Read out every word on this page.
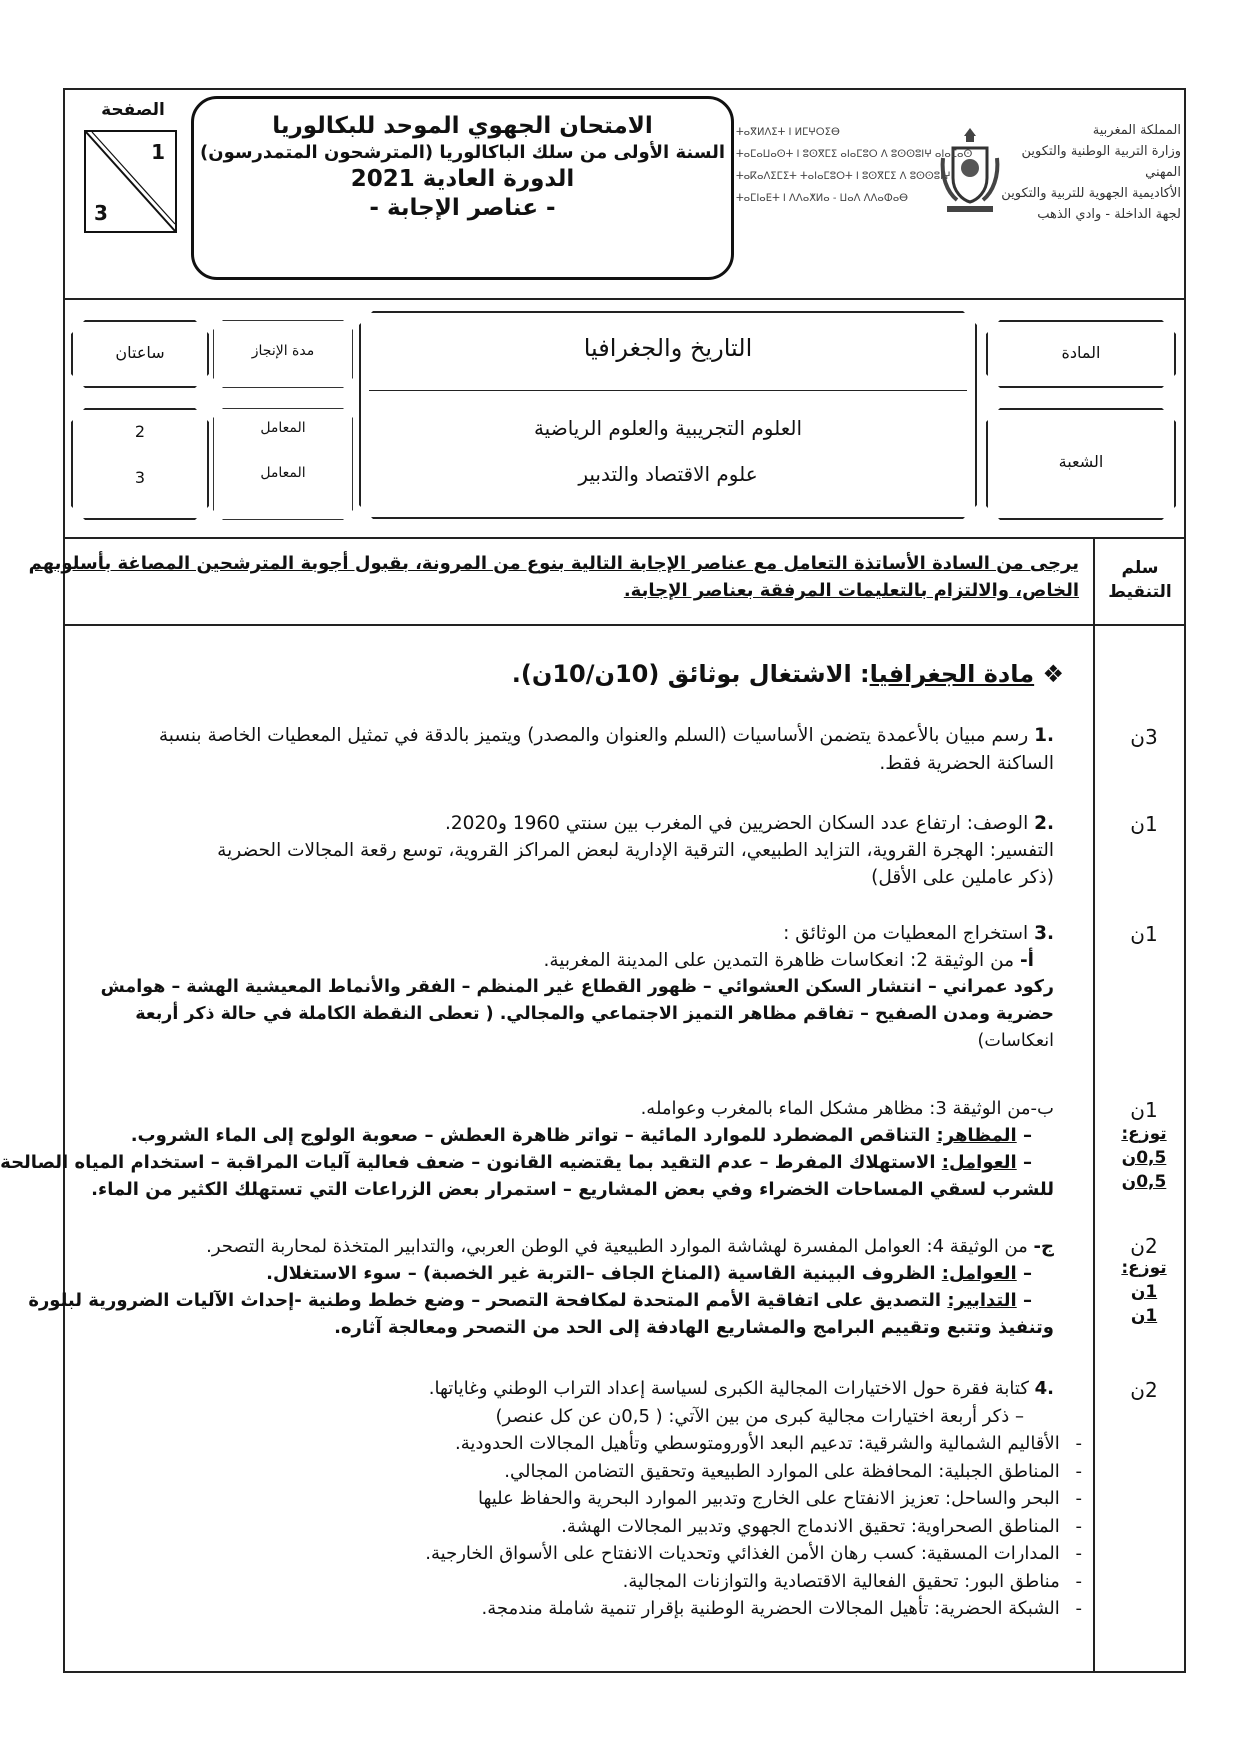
الامتحان الجهوي الموحد للبكالوريا
السنة الأولى من سلك الباكالوريا (المترشحون المتمدرسون)
الدورة العادية 2021
- عناصر الإجابة -
الصفحة
1
3
المملكة المغربية
وزارة التربية الوطنية والتكوين المهني
الأكاديمية الجهوية للتربية والتكوين
لجهة الداخلة - وادي الذهب
ⵜⴰⴳⵍⴷⵉⵜ ⵏ ⵍⵎⵖⵔⵉⴱ
ⵜⴰⵎⴰⵡⴰⵙⵜ ⵏ ⵓⵙⴳⵎⵉ ⴰⵏⴰⵎⵓⵔ ⴷ ⵓⵙⵙⵓⵏⵖ ⴰⵏⴰⵎⴰⵙ
ⵜⴰⴽⴰⴷⵉⵎⵉⵜ ⵜⴰⵏⴰⵎⵓⵔⵜ ⵏ ⵓⵙⴳⵎⵉ ⴷ ⵓⵙⵙⵓⵏⵖ
ⵜⴰⵎⵏⴰⴹⵜ ⵏ ⴷⴷⴰⵅⵍⴰ - ⵡⴰⴷ ⴷⴷⴰⵀⴰⴱ
المادة
الشعبة
التاريخ والجغرافيا
العلوم التجريبية والعلوم الرياضية
علوم الاقتصاد والتدبير
مدة الإنجاز
المعامل
المعامل
ساعتان
2
3
سلم
التنقيط
يرجى من السادة الأساتذة التعامل مع عناصر الإجابة التالية بنوع من المرونة، بقبول أجوبة المترشحين المصاغة بأسلوبهم
الخاص، والالتزام بالتعليمات المرفقة بعناصر الإجابة.
❖ مادة الجغرافيا: الاشتغال بوثائق (10ن/10ن).
3ن
.1 رسم مبيان بالأعمدة يتضمن الأساسيات (السلم والعنوان والمصدر) ويتميز بالدقة في تمثيل المعطيات الخاصة بنسبة
الساكنة الحضرية فقط.
1ن
.2 الوصف: ارتفاع عدد السكان الحضريين في المغرب بين سنتي 1960 و2020.
التفسير: الهجرة القروية، التزايد الطبيعي، الترقية الإدارية لبعض المراكز القروية، توسع رقعة المجالات الحضرية
(ذكر عاملين على الأقل)
1ن
.3 استخراج المعطيات من الوثائق :
أ- من الوثيقة 2: انعكاسات ظاهرة التمدين على المدينة المغربية.
ركود عمراني – انتشار السكن العشوائي – ظهور القطاع غير المنظم – الفقر والأنماط المعيشية الهشة – هوامش
حضرية ومدن الصفيح – تفاقم مظاهر التميز الاجتماعي والمجالي. ( تعطى النقطة الكاملة في حالة ذكر أربعة
انعكاسات)
1ن
توزع:
0,5ن
0,5ن
ب-من الوثيقة 3: مظاهر مشكل الماء بالمغرب وعوامله.
– المظاهر: التناقص المضطرد للموارد المائية – تواتر ظاهرة العطش – صعوبة الولوج إلى الماء الشروب.
– العوامل: الاستهلاك المفرط – عدم التقيد بما يقتضيه القانون – ضعف فعالية آليات المراقبة – استخدام المياه الصالحة
للشرب لسقي المساحات الخضراء وفي بعض المشاريع – استمرار بعض الزراعات التي تستهلك الكثير من الماء.
2ن
توزع:
1ن
1ن
ج- من الوثيقة 4: العوامل المفسرة لهشاشة الموارد الطبيعية في الوطن العربي، والتدابير المتخذة لمحاربة التصحر.
– العوامل: الظروف البينية القاسية (المناخ الجاف –التربة غير الخصبة) – سوء الاستغلال.
– التدابير: التصديق على اتفاقية الأمم المتحدة لمكافحة التصحر – وضع خطط وطنية -إحداث الآليات الضرورية لبلورة
وتنفيذ وتتبع وتقييم البرامج والمشاريع الهادفة إلى الحد من التصحر ومعالجة آثاره.
2ن
.4 كتابة فقرة حول الاختيارات المجالية الكبرى لسياسة إعداد التراب الوطني وغاياتها.
– ذكر أربعة اختيارات مجالية كبرى من بين الآتي: ( 0,5ن عن كل عنصر)
- الأقاليم الشمالية والشرقية: تدعيم البعد الأورومتوسطي وتأهيل المجالات الحدودية.
- المناطق الجبلية: المحافظة على الموارد الطبيعية وتحقيق التضامن المجالي.
- البحر والساحل: تعزيز الانفتاح على الخارج وتدبير الموارد البحرية والحفاظ عليها
- المناطق الصحراوية: تحقيق الاندماج الجهوي وتدبير المجالات الهشة.
- المدارات المسقية: كسب رهان الأمن الغذائي وتحديات الانفتاح على الأسواق الخارجية.
- مناطق البور: تحقيق الفعالية الاقتصادية والتوازنات المجالية.
- الشبكة الحضرية: تأهيل المجالات الحضرية الوطنية بإقرار تنمية شاملة مندمجة.
